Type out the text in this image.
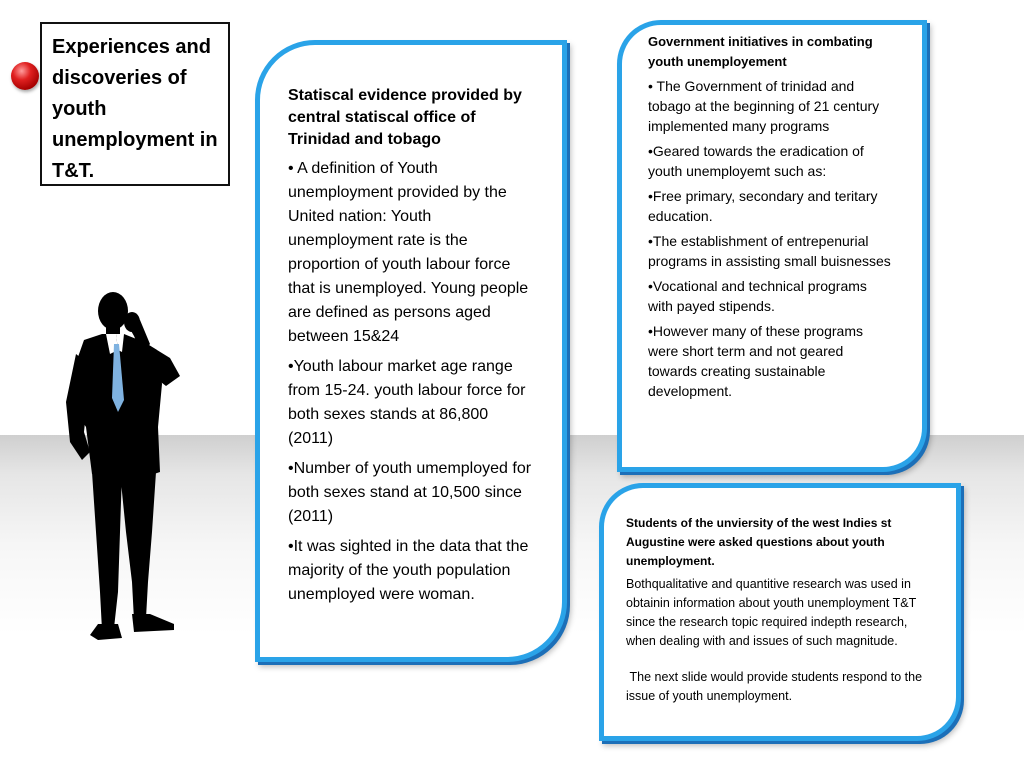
Experiences and discoveries of youth unemployment in T&T.

Statiscal evidence provided by central statiscal office of Trinidad and tobago

• A definition of Youth unemployment provided by the United nation: Youth unemployment rate is the proportion of youth labour force that is unemployed. Young people are defined as persons aged between 15&24

•Youth labour market age range from 15-24. youth labour force for both sexes stands at 86,800 (2011)

•Number of youth umemployed for both sexes stand at 10,500 since (2011)

•It was sighted in the data that the majority of the youth population unemployed were woman.

Government initiatives in combating youth unemployement

• The Government of trinidad and tobago at the beginning of 21 century implemented many programs

•Geared towards the eradication of youth unemployemt such as:

•Free primary, secondary and teritary education.

•The establishment of entrepenurial programs in assisting small buisnesses

•Vocational and technical programs with payed stipends.

•However many of these programs were short term and not geared towards creating sustainable development.

Students of the unviersity of the west Indies st Augustine were asked questions about youth unemployment.

Bothqualitative and quantitive research was used in obtainin information about youth unemployment T&T since the research topic required indepth research, when dealing with and issues of such magnitude.

The next slide would provide students respond to the issue of youth unemployment.
